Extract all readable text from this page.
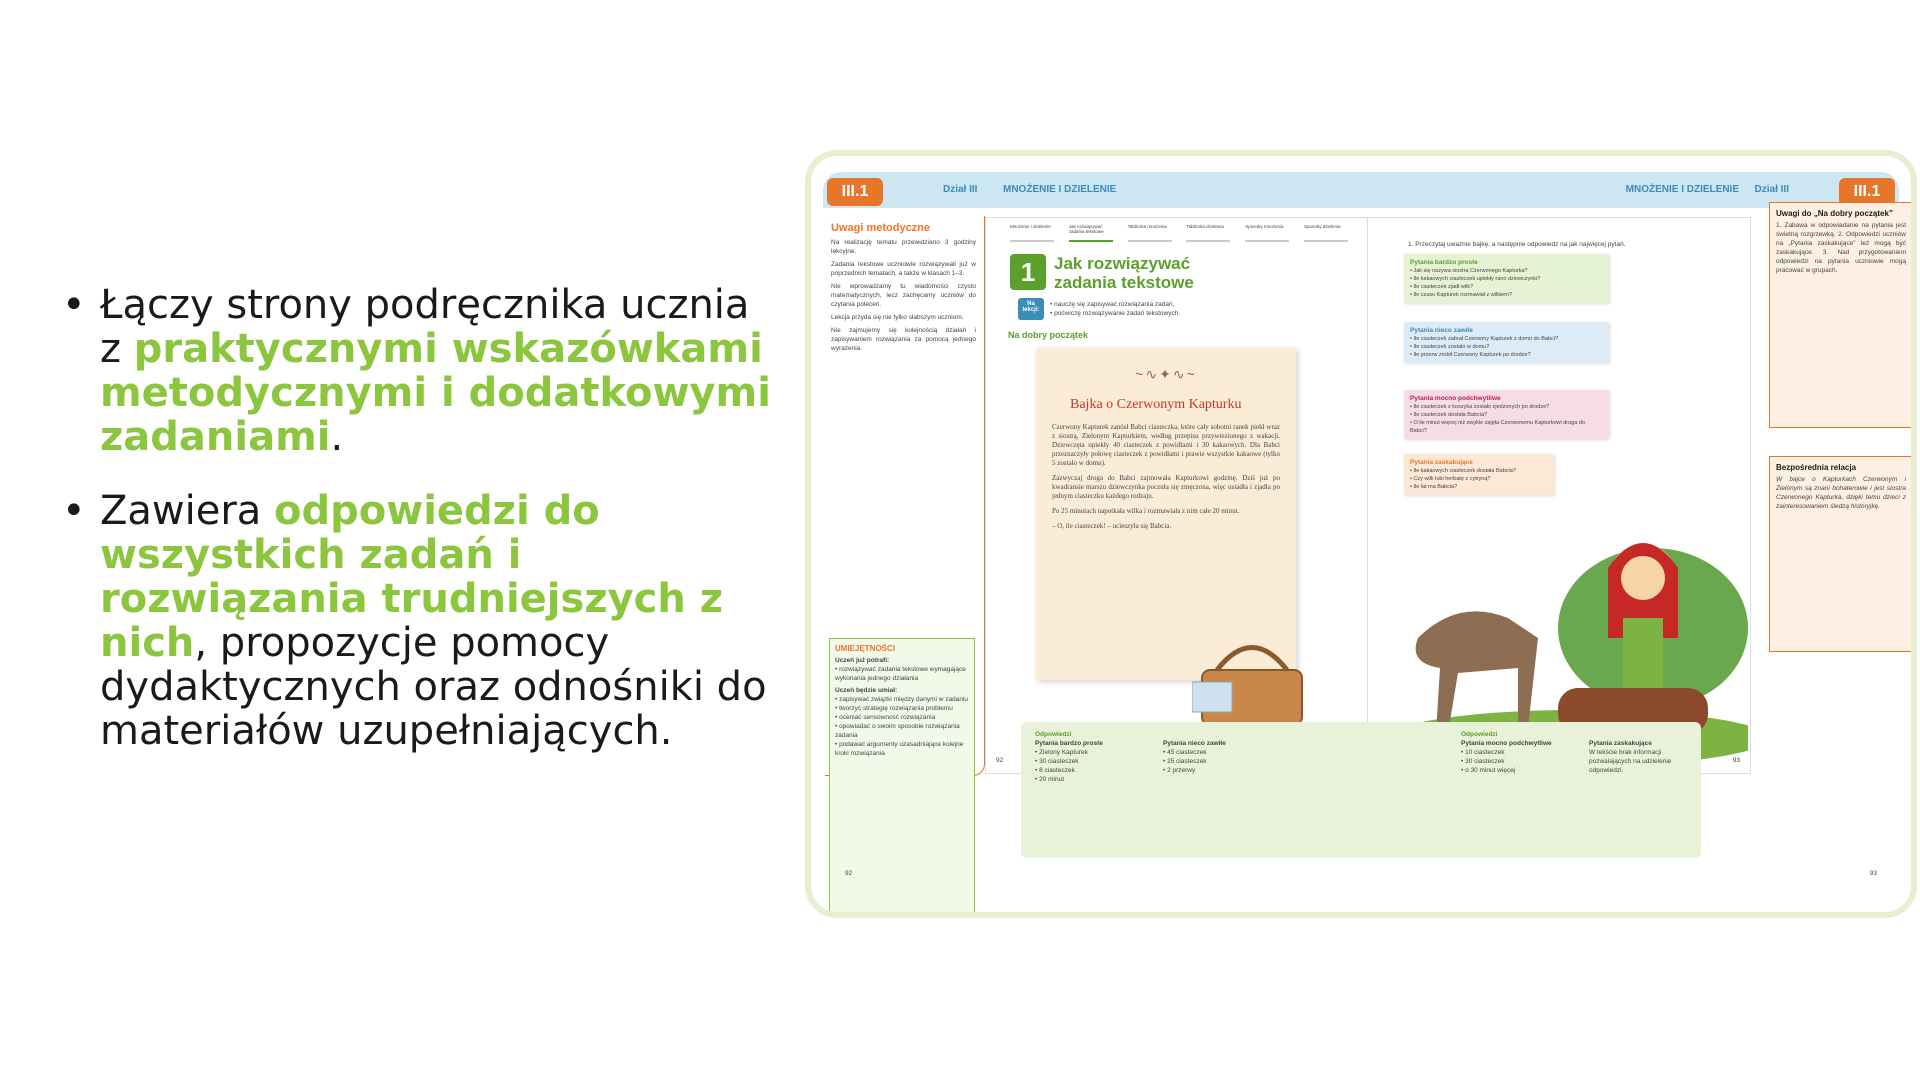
• Łączy strony podręcznika ucznia z praktycznymi wskazówkami metodycznymi i dodatkowymi zadaniami.
• Zawiera odpowiedzi do wszystkich zadań i rozwiązania trudniejszych z nich, propozycje pomocy dydaktycznych oraz odnośniki do materiałów uzupełniających.
Dział III	MNOŻENIE I DZIELENIE	MNOŻENIE I DZIELENIE Dział III
III.1	III.1
Uwagi metodyczne

Na realizację tematu przewidziano 3 godziny lekcyjne.

Zadania tekstowe uczniowie rozwiązywali już w poprzednich tematach, a także w klasach 1–3.

Nie wprowadzamy tu wiadomości czysto matematycznych, lecz zachęcamy uczniów do czytania poleceń.

Lekcja przyda się nie tylko słabszym uczniom.

Nie zajmujemy się kolejnością działań i zapisywaniem rozwiązania za pomocą jednego wyrażenia.

UMIEJĘTNOŚCI
Uczeń już potrafi:
• rozwiązywać zadania tekstowe wymagające wykonania jednego działania
Uczeń będzie umiał:
• zapisywać związki między danymi w zadaniu
• tworzyć strategię rozwiązania problemu
• oceniać sensowność rozwiązania
• opowiadać o swoim sposobie rozwiązania zadania
• podawać argumenty uzasadniające kolejne kroki rozwiązania
Mnożenie i dzielenie	Jak rozwiązywać zadania tekstowe
Tabliczka mnożenia	Tabliczka dzielenia	Sposoby mnożenia	Sposoby dzielenia
1	Jak rozwiązywać
zadania tekstowe
Na lekcji:
• nauczę się zapisywać rozwiązania zadań,
• poćwiczę rozwiązywanie zadań tekstowych.
Na dobry początek
~∿✦∿~
Bajka o Czerwonym Kapturku

Czerwony Kapturek zanósł Babci ciasteczka, które cały sobotni ranek piekł wraz z siostrą, Zielonym Kapturkiem, według przepisu przywiezionego z wakacji. Dziewczęta upiekły 40 ciasteczek z powidłami i 30 kakaowych. Dla Babci przeznaczyły połowę ciasteczek z powidłami i prawie wszystkie kakaowe (tylko 5 zostało w domu).

Zazwyczaj droga do Babci zajmowała Kapturkowi godzinę. Dziś już po kwadransie marszu dziewczynka poczuła się zmęczona, więc usiadła i zjadła po jednym ciasteczku każdego rodzaju.

Po 25 minutach napotkała wilka i rozmawiała z nim całe 20 minut.

– O, ile ciasteczek! – ucieszyła się Babcia.

92
1. Przeczytaj uważnie bajkę, a następnie odpowiedz na jak najwięcej pytań.
Pytania bardzo proste
• Jak się nazywa siostra Czerwonego Kapturka?
• Ile kakaowych ciasteczek upiekły rano dziewczynki?
• Ile ciasteczek zjadł wilk?
• Ile czasu Kapturek rozmawiał z wilkiem?
Pytania nieco zawiłe
• Ile ciasteczek zabrał Czerwony Kapturek z domu do Babci?
• Ile ciasteczek zostało w domu?
• Ile przerw zrobił Czerwony Kapturek po drodze?
Pytania mocno podchwytliwe
• Ile ciasteczek z koszyka zostało zjedzonych po drodze?
• Ile ciasteczek dostała Babcia?
• O ile minut więcej niż zwykle zajęła Czerwonemu Kapturkowi droga do Babci?
Pytania zaskakujące
• Ile kakaowych ciasteczek dostała Babcia?
• Czy wilk lubi herbatę z cytryną?
• Ile lat ma Babcia?
93
Uwagi do „Na dobry początek”
1. Zabawa w odpowiadanie na pytania jest świetną rozgrzewką. 2. Odpowiedzi uczniów na „Pytania zaskakujące” też mogą być zaskakujące. 3. Nad przygotowaniem odpowiedzi na pytania uczniowie mogą pracować w grupach.
Bezpośrednia relacja
W bajce o Kapturkach Czerwonym i Zielonym są znani bohaterowie i jest siostra Czerwonego Kapturka, dzięki temu dzieci z zainteresowaniem śledzą historyjkę.
Odpowiedzi
Pytania bardzo proste
• Zielony Kapturek
• 30 ciasteczek
• 8 ciasteczek
• 20 minut

Pytania nieco zawiłe
• 45 ciasteczek
• 25 ciasteczek
• 2 przerwy
Odpowiedzi
Pytania mocno podchwytliwe
• 10 ciasteczek
• 30 ciasteczek
• o 30 minut więcej

Pytania zaskakujące
W tekście brak informacji pozwalających na udzielenie odpowiedzi.
92	93
